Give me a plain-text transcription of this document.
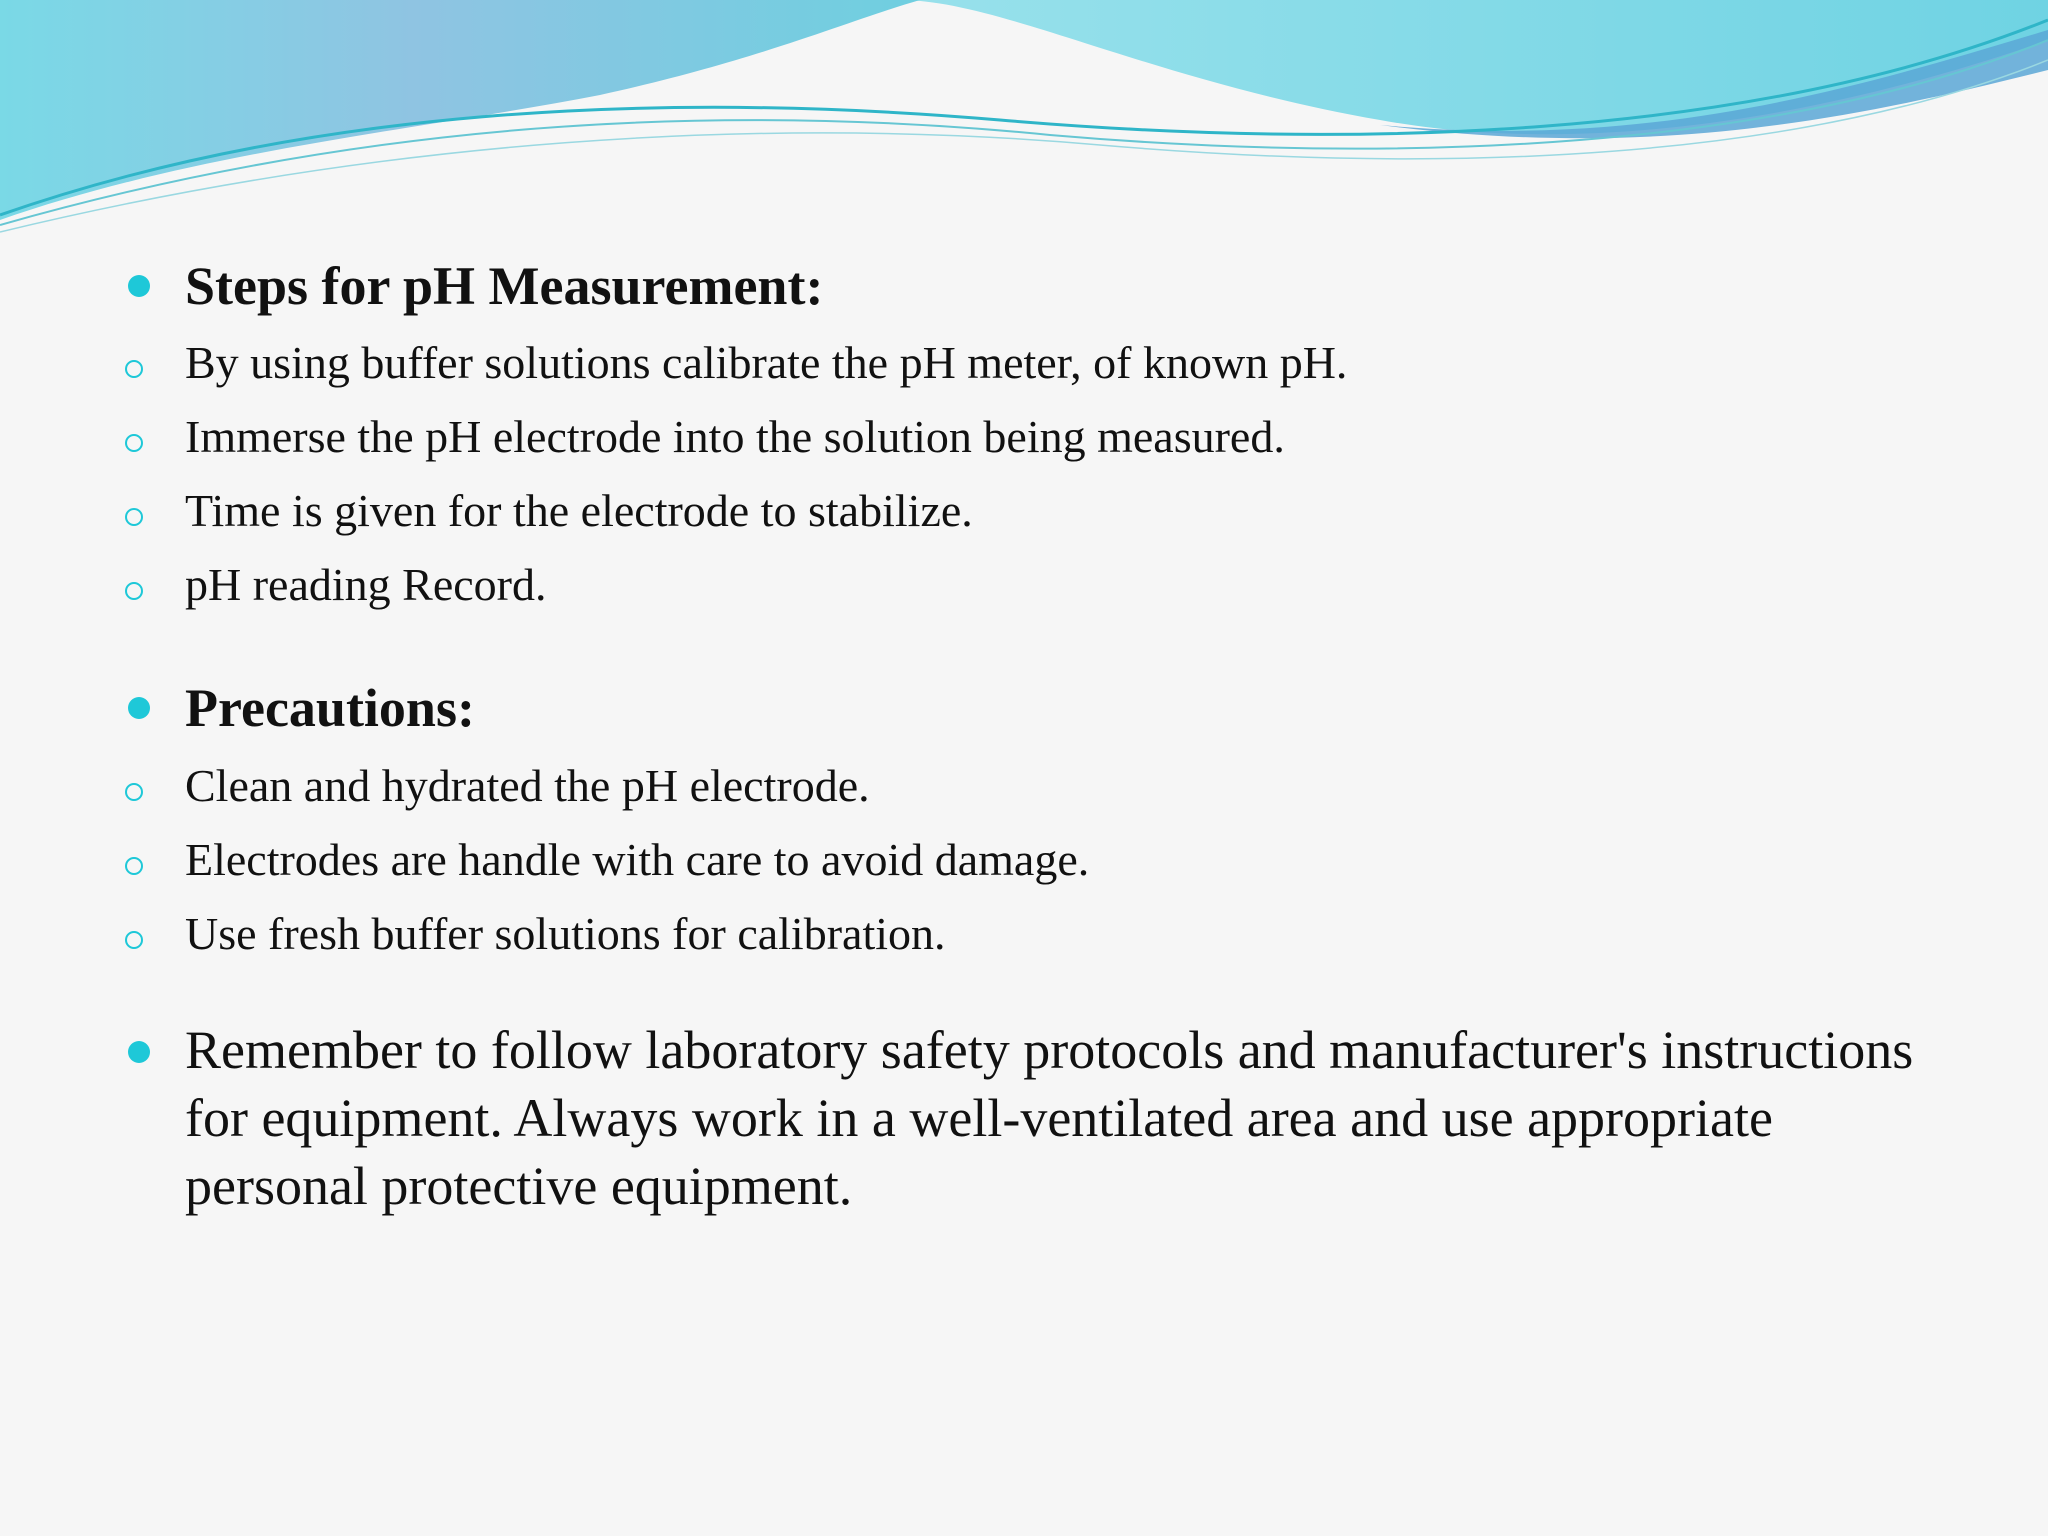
Steps for pH Measurement:
By using buffer solutions calibrate the pH meter, of known pH.
Immerse the pH electrode into the solution being measured.
Time is given for the electrode to stabilize.
pH reading Record.
Precautions:
Clean and hydrated the pH electrode.
Electrodes are handle with care to avoid damage.
Use fresh buffer solutions for calibration.
Remember to follow laboratory safety protocols and manufacturer's instructions for equipment. Always work in a well-ventilated area and use appropriate personal protective equipment.
